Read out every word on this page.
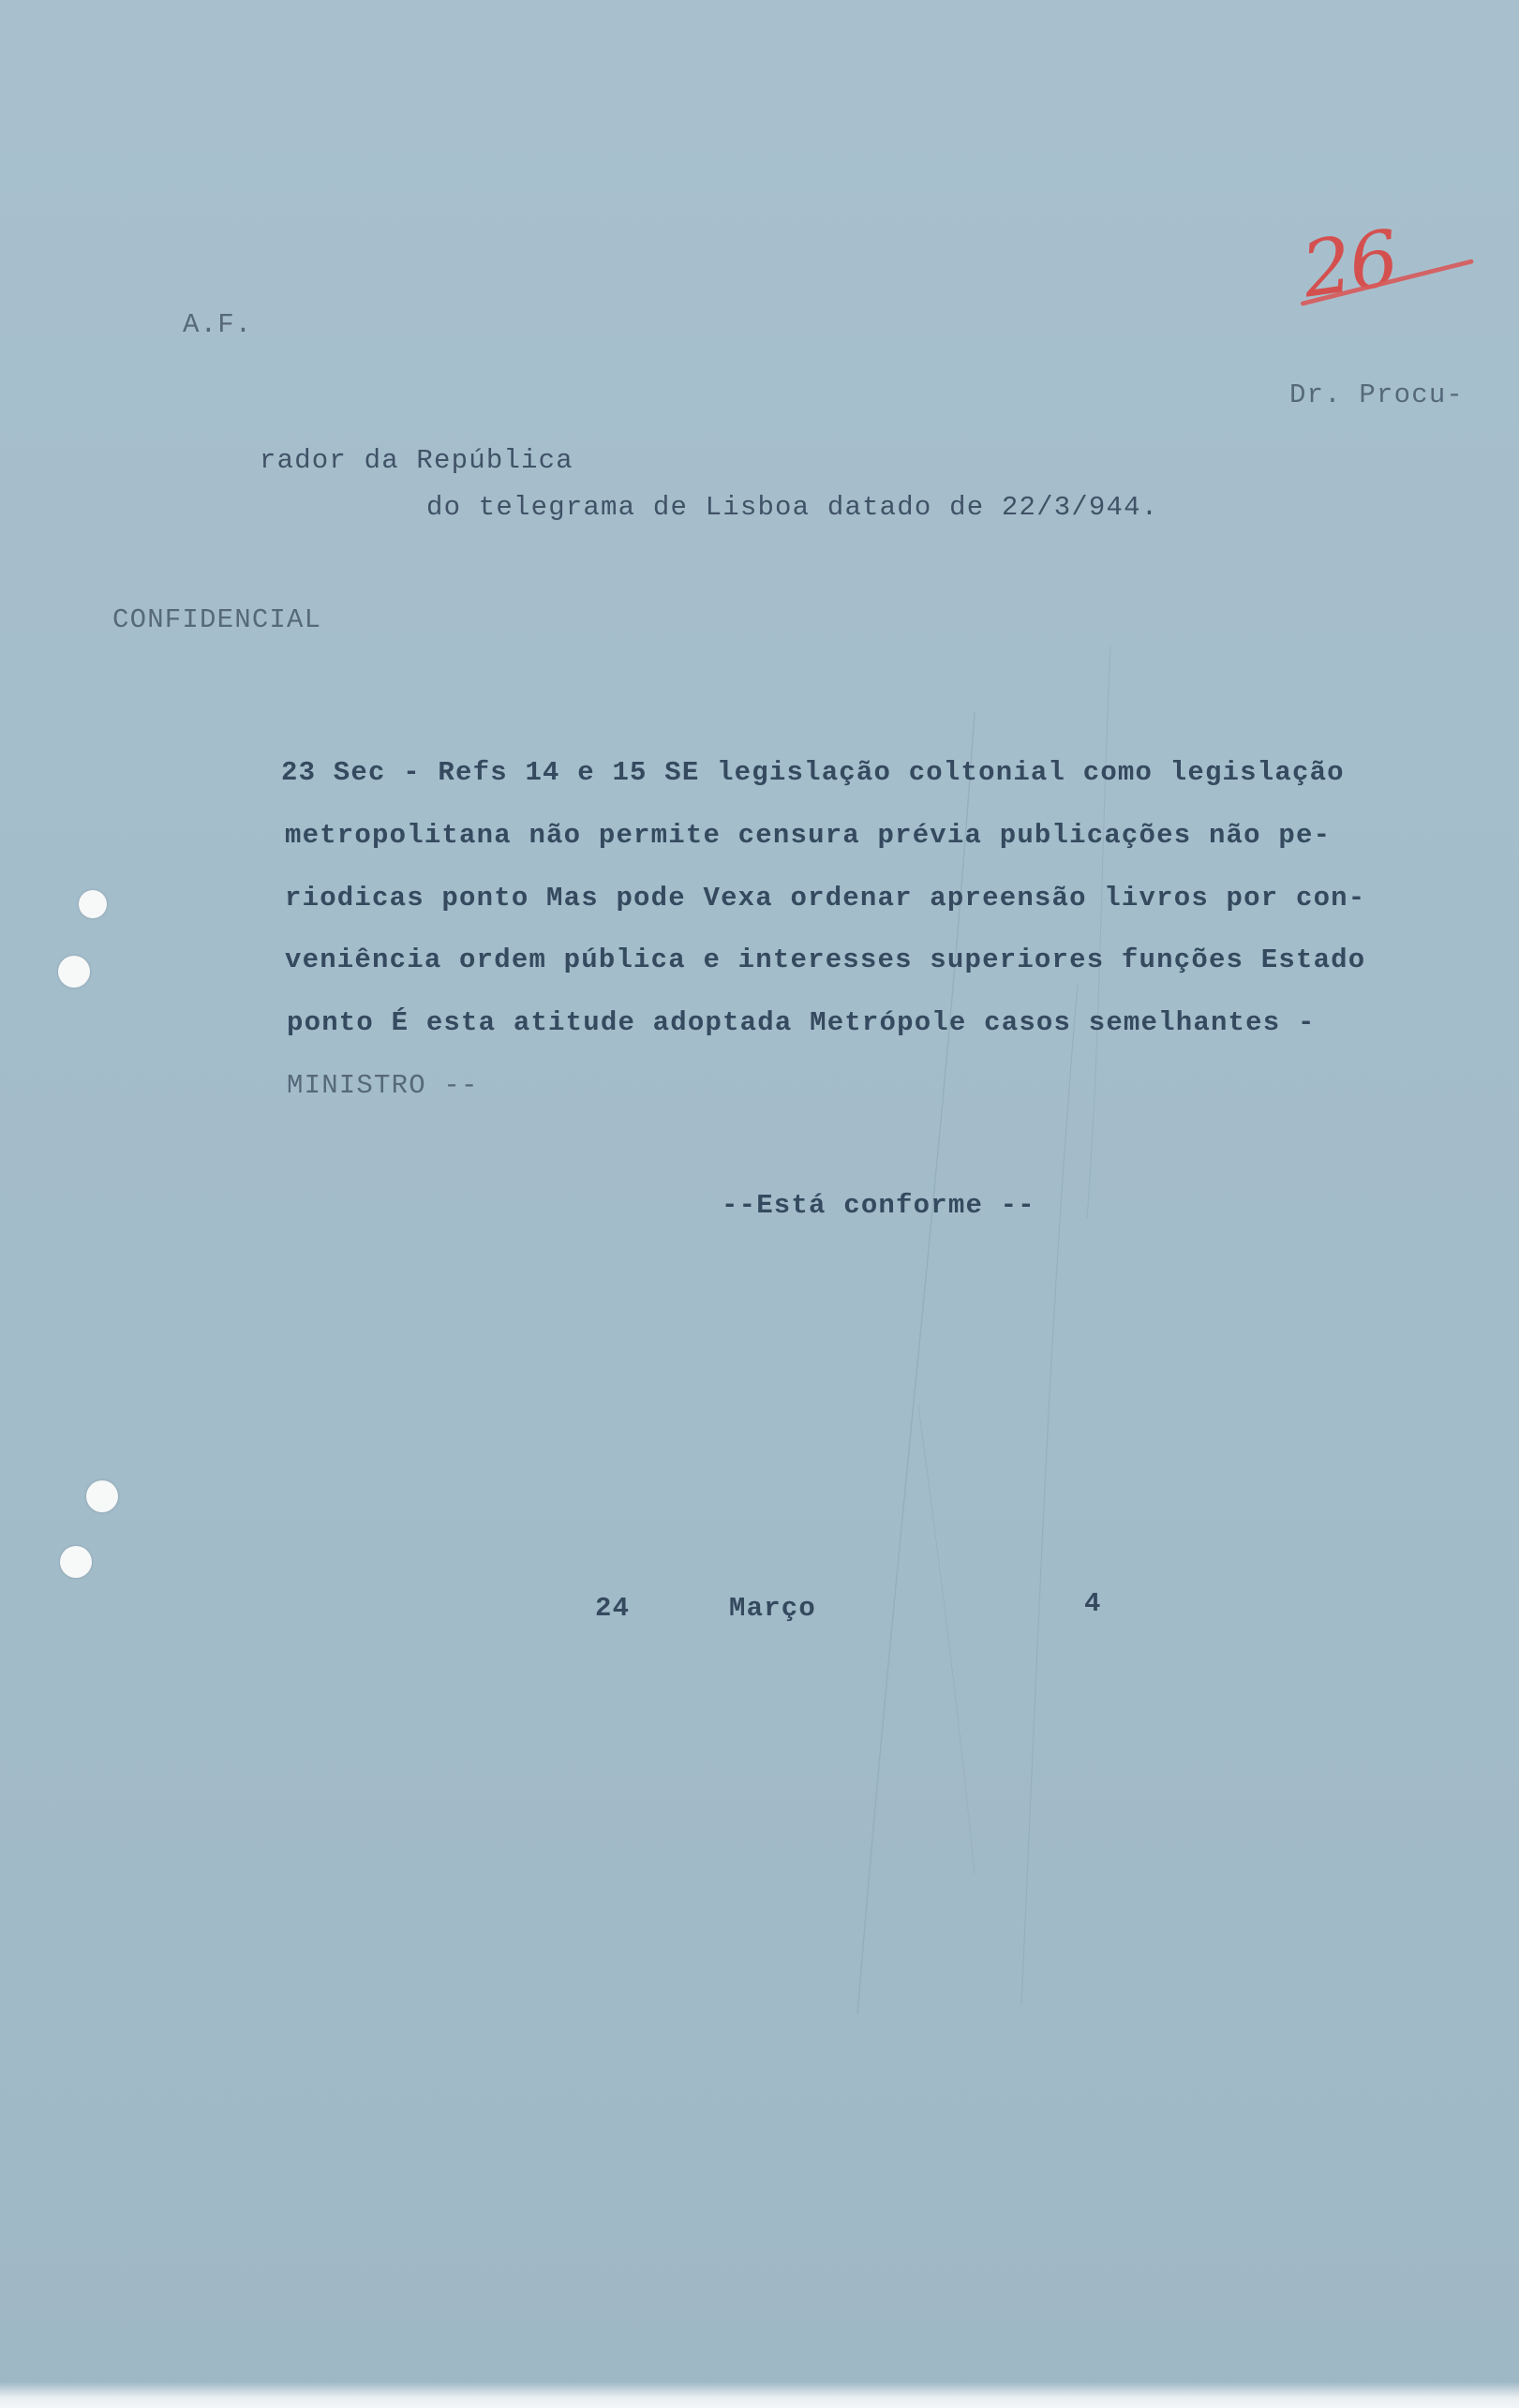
A.F.
26
Dr. Procu-
rador da República
do telegrama de Lisboa datado de 22/3/944.
CONFIDENCIAL
23 Sec - Refs 14 e 15 SE legislação coltonial como legislação
metropolitana não permite censura prévia publicações não pe-
riodicas ponto Mas pode Vexa ordenar apreensão livros por con-
veniência ordem pública e interesses superiores funções Estado
ponto É esta atitude adoptada Metrópole casos semelhantes -
MINISTRO --
--Está conforme --
24	Março	4
